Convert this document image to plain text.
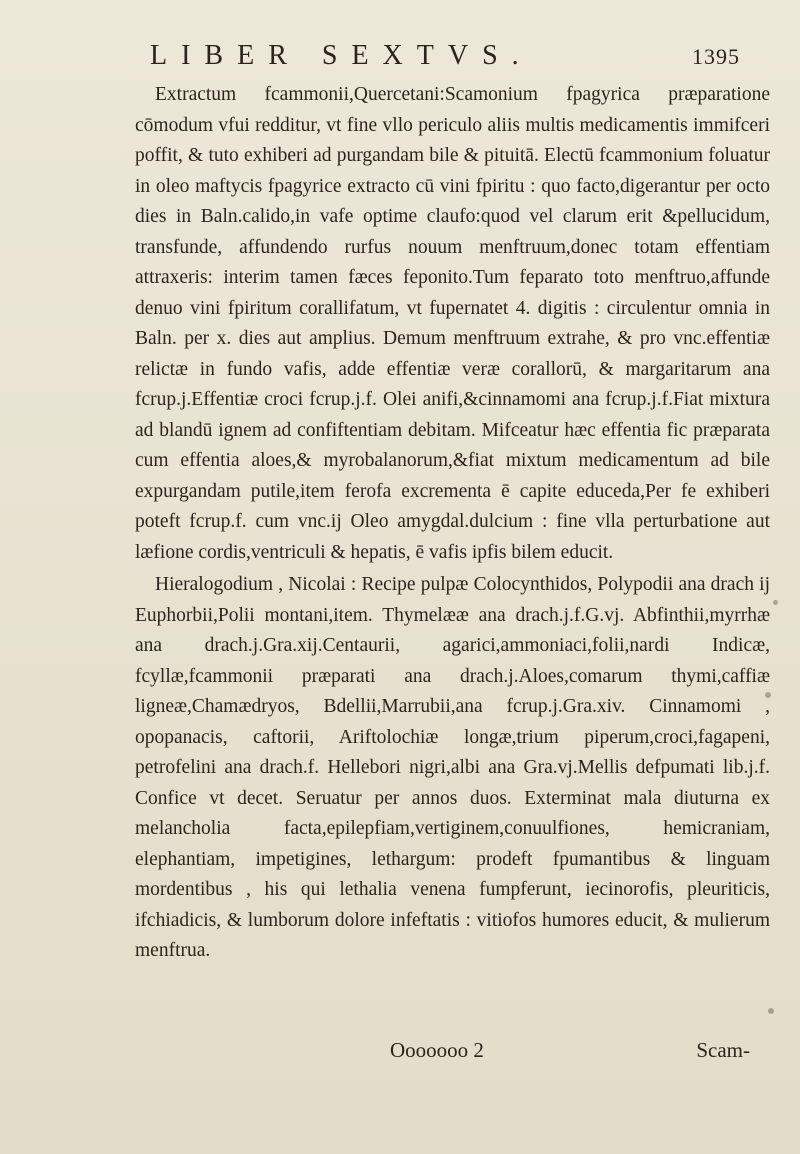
LIBER SEXTVS.	1395

Extractum fcammonii,Quercetani:Scamonium fpagyrica præparatione cōmodum vfui redditur, vt fine vllo periculo aliis multis medicamentis immifceri poffit, & tuto exhiberi ad purgandam bile & pituitā. Electū fcammonium foluatur in oleo maftycis fpagyrice extracto cū vini fpiritu : quo facto,digerantur per octo dies in Baln.calido,in vafe optime claufo:quod vel clarum erit &pellucidum, transfunde, affundendo rurfus nouum menftruum,donec totam effentiam attraxeris: interim tamen fæces feponito.Tum feparato toto menftruo,affunde denuo vini fpiritum corallifatum, vt fupernatet 4. digitis : circulentur omnia in Baln. per x. dies aut amplius. Demum menftruum extrahe, & pro vnc.effentiæ relictæ in fundo vafis, adde effentiæ veræ corallorū, & margaritarum ana fcrup.j.Effentiæ croci fcrup.j.f. Olei anifi,&cinnamomi ana fcrup.j.f.Fiat mixtura ad blandū ignem ad confiftentiam debitam. Mifceatur hæc effentia fic præparata cum effentia aloes,& myrobalanorum,&fiat mixtum medicamentum ad bile expurgandam putile,item ferofa excrementa ē capite educeda,Per fe exhiberi poteft fcrup.f. cum vnc.ij Oleo amygdal.dulcium : fine vlla perturbatione aut læfione cordis,ventriculi & hepatis, ē vafis ipfis bilem educit.

Hieralogodium , Nicolai : Recipe pulpæ Colocynthidos, Polypodii ana drach ij Euphorbii,Polii montani,item. Thymelææ ana drach.j.f.G.vj. Abfinthii,myrrhæ ana drach.j.Gra.xij.Centaurii, agarici,ammoniaci,folii,nardi Indicæ, fcyllæ,fcammonii præparati ana drach.j.Aloes,comarum thymi,caffiæ ligneæ,Chamædryos, Bdellii,Marrubii,ana fcrup.j.Gra.xiv. Cinnamomi , opopanacis, caftorii, Ariftolochiæ longæ,trium piperum,croci,fagapeni, petrofelini ana drach.f. Hellebori nigri,albi ana Gra.vj.Mellis defpumati lib.j.f. Confice vt decet. Seruatur per annos duos. Exterminat mala diuturna ex melancholia facta,epilepfiam,vertiginem,conuulfiones, hemicraniam, elephantiam, impetigines, lethargum: prodeft fpumantibus & linguam mordentibus , his qui lethalia venena fumpferunt, iecinorofis, pleuriticis, ifchiadicis, & lumborum dolore infeftatis : vitiofos humores educit, & mulierum menftrua.

Ooooooo 2	Scam-
